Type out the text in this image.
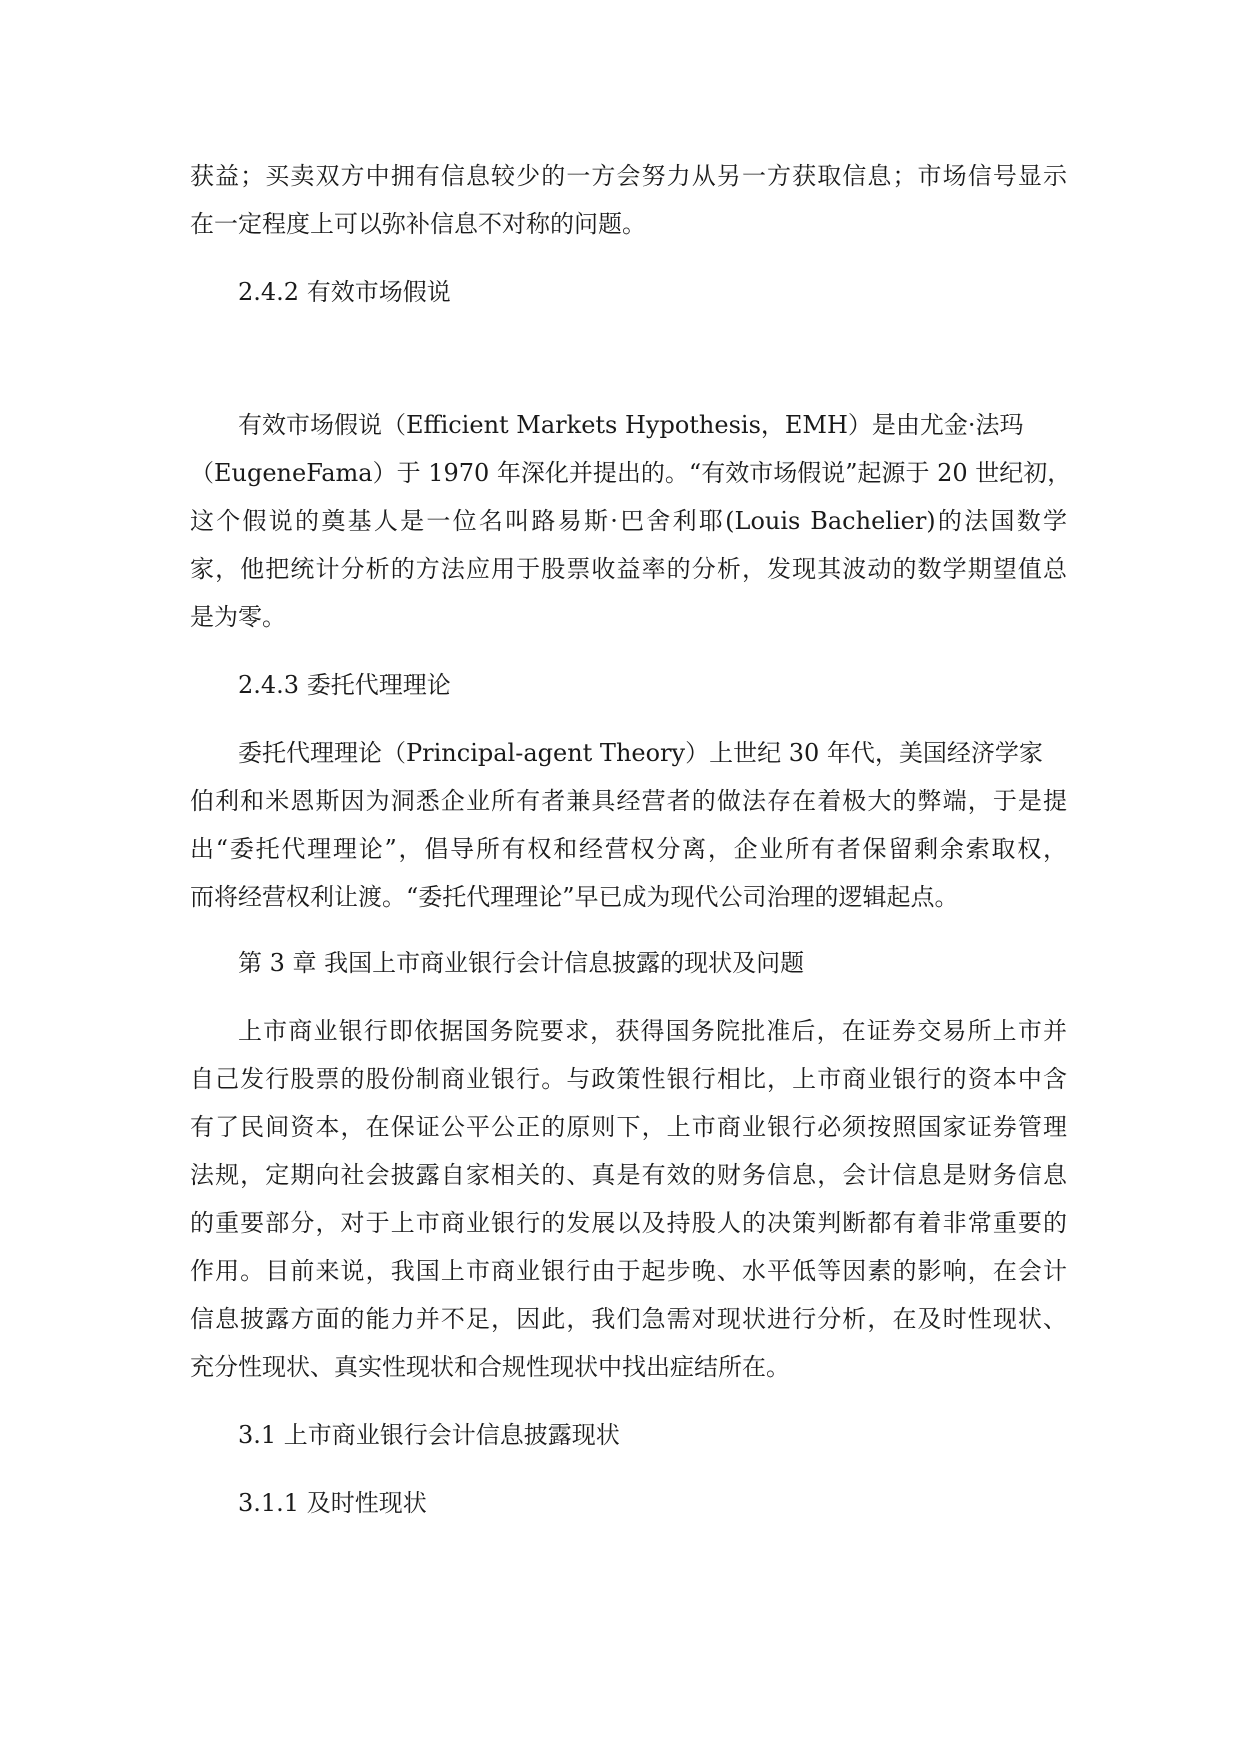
获益；买卖双方中拥有信息较少的一方会努力从另一方获取信息；市场信号显示
在一定程度上可以弥补信息不对称的问题。
2.4.2 有效市场假说
有效市场假说（Efficient Markets Hypothesis，EMH）是由尤金·法玛
（EugeneFama）于 1970 年深化并提出的。“有效市场假说”起源于 20 世纪初，
这个假说的奠基人是一位名叫路易斯·巴舍利耶(Louis Bachelier)的法国数学
家，他把统计分析的方法应用于股票收益率的分析，发现其波动的数学期望值总
是为零。
2.4.3 委托代理理论
委托代理理论（Principal-agent Theory）上世纪 30 年代，美国经济学家
伯利和米恩斯因为洞悉企业所有者兼具经营者的做法存在着极大的弊端，于是提
出“委托代理理论”，倡导所有权和经营权分离，企业所有者保留剩余索取权，
而将经营权利让渡。“委托代理理论”早已成为现代公司治理的逻辑起点。
第 3 章 我国上市商业银行会计信息披露的现状及问题
上市商业银行即依据国务院要求，获得国务院批准后，在证券交易所上市并
自己发行股票的股份制商业银行。与政策性银行相比，上市商业银行的资本中含
有了民间资本，在保证公平公正的原则下，上市商业银行必须按照国家证券管理
法规，定期向社会披露自家相关的、真是有效的财务信息，会计信息是财务信息
的重要部分，对于上市商业银行的发展以及持股人的决策判断都有着非常重要的
作用。目前来说，我国上市商业银行由于起步晚、水平低等因素的影响，在会计
信息披露方面的能力并不足，因此，我们急需对现状进行分析，在及时性现状、
充分性现状、真实性现状和合规性现状中找出症结所在。
3.1 上市商业银行会计信息披露现状
3.1.1 及时性现状
